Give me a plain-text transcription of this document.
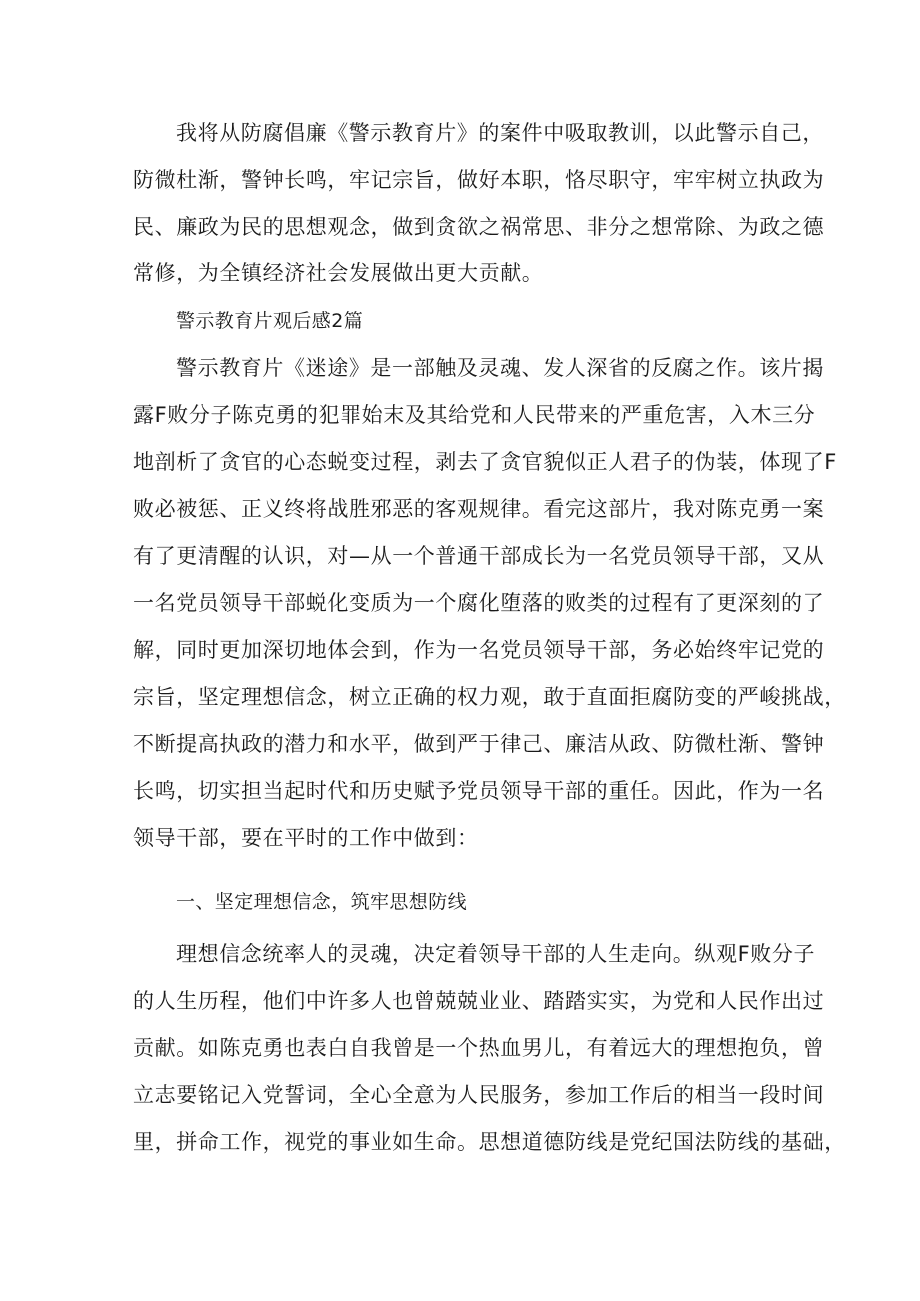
我将从防腐倡廉《警示教育片》的案件中吸取教训，以此警示自己，
防微杜渐，警钟长鸣，牢记宗旨，做好本职，恪尽职守，牢牢树立执政为
民、廉政为民的思想观念，做到贪欲之祸常思、非分之想常除、为政之德
常修，为全镇经济社会发展做出更大贡献。
警示教育片观后感2篇
警示教育片《迷途》是一部触及灵魂、发人深省的反腐之作。该片揭
露F败分子陈克勇的犯罪始末及其给党和人民带来的严重危害，入木三分
地剖析了贪官的心态蜕变过程，剥去了贪官貌似正人君子的伪装，体现了F
败必被惩、正义终将战胜邪恶的客观规律。看完这部片，我对陈克勇一案
有了更清醒的认识，对—从一个普通干部成长为一名党员领导干部，又从
一名党员领导干部蜕化变质为一个腐化堕落的败类的过程有了更深刻的了
解，同时更加深切地体会到，作为一名党员领导干部，务必始终牢记党的
宗旨，坚定理想信念，树立正确的权力观，敢于直面拒腐防变的严峻挑战，
不断提高执政的潜力和水平，做到严于律己、廉洁从政、防微杜渐、警钟
长鸣，切实担当起时代和历史赋予党员领导干部的重任。因此，作为一名
领导干部，要在平时的工作中做到：
一、坚定理想信念，筑牢思想防线
理想信念统率人的灵魂，决定着领导干部的人生走向。纵观F败分子
的人生历程，他们中许多人也曾兢兢业业、踏踏实实，为党和人民作出过
贡献。如陈克勇也表白自我曾是一个热血男儿，有着远大的理想抱负，曾
立志要铭记入党誓词，全心全意为人民服务，参加工作后的相当一段时间
里，拼命工作，视党的事业如生命。思想道德防线是党纪国法防线的基础，
